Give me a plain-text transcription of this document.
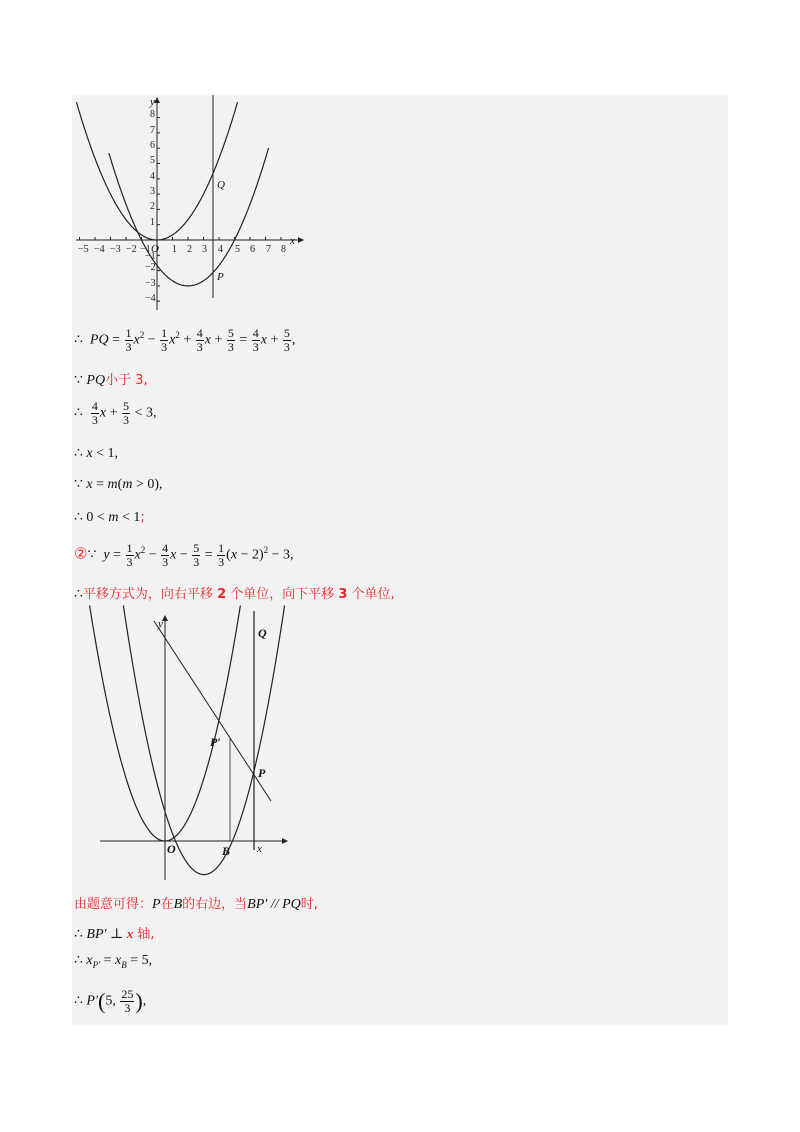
−5 −4 −3 −2 −1 O 1 2 3 4 5 6 7 8
x
y
8
7
6
5
4
3
2
1
−1
−2
−3
−4
Q
P
∴ PQ = $\frac{1}{3} x^2 - \frac{1}{3} x^2 + \frac{4}{3}$ $x + \frac{5}{3} = \frac{4}{3}$ $x + \frac{5}{3}$ ,
∵ PQ小于 3,
∴ $\frac{4}{3}$ $x + \frac{5}{3} < 3$,
∴ x < 1,
∵ x = m(m > 0),
∴ 0 < m < 1;
②∵ $y = \frac{1}{3} x^2 - \frac{4}{3}$ $x - \frac{5}{3} = \frac{1}{3} (x - 2)^2 - 3$,
∴平移方式为，向右平移 2 个单位，向下平移 3 个单位,
y
x
O	B
Q
P
P′
由题意可得：P在B的右边，当BP′ // PQ时,
∴ BP′ ⊥ x 轴,
∴ $x_{P'} = x_B = 5$,
∴ P′(5, $\frac{25}{3}$ ),
